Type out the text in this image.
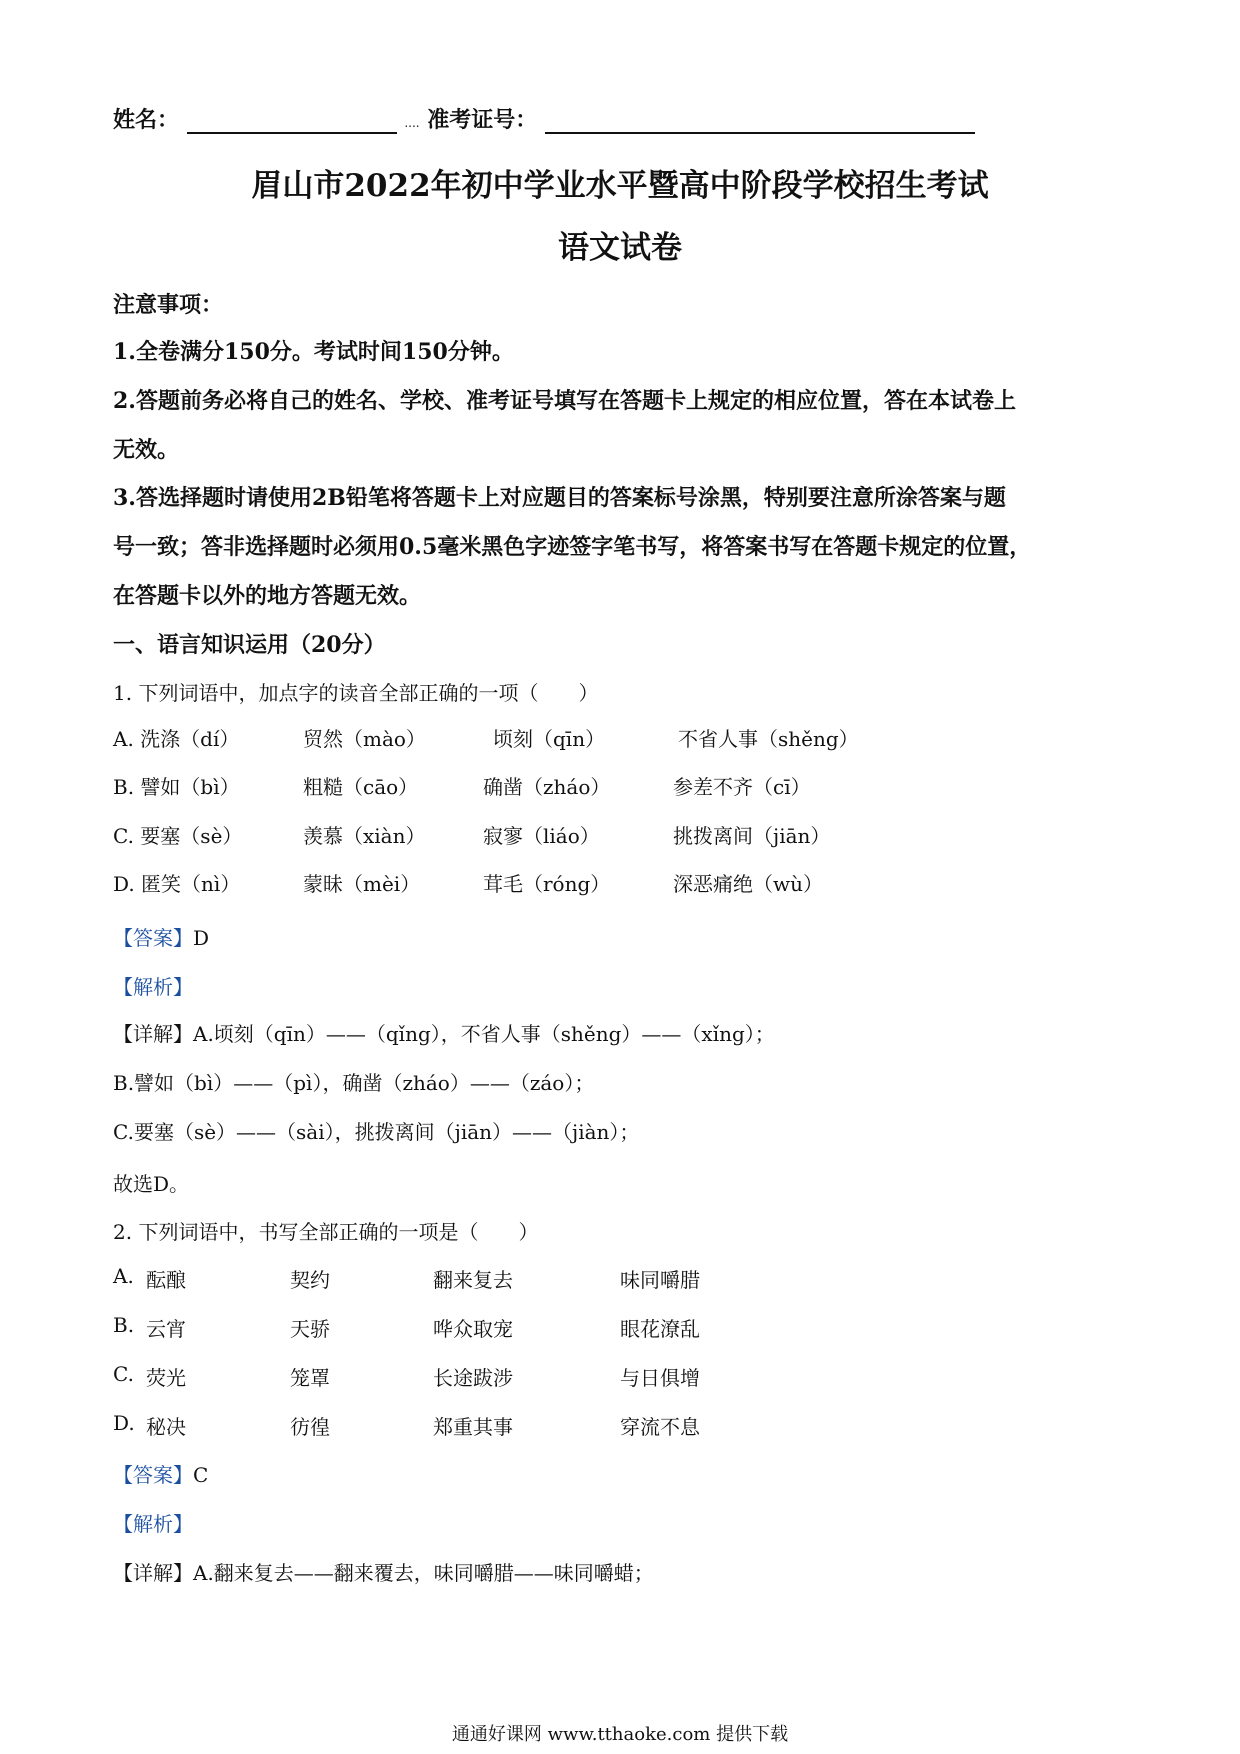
姓名：	.... 准考证号：
眉山市2022年初中学业水平暨高中阶段学校招生考试
语文试卷
注意事项：
1.全卷满分150分。考试时间150分钟。
2.答题前务必将自己的姓名、学校、准考证号填写在答题卡上规定的相应位置，答在本试卷上
无效。
3.答选择题时请使用2B铅笔将答题卡上对应题目的答案标号涂黑，特别要注意所涂答案与题
号一致；答非选择题时必须用0.5毫米黑色字迹签字笔书写，将答案书写在答题卡规定的位置，
在答题卡以外的地方答题无效。
一、语言知识运用（20分）
1. 下列词语中，加点字的读音全部正确的一项（　　）
A. 洗涤（dí）	贸然（mào）	顷刻（qīn）	不省人事（shěng）
B. 譬如（bì）	粗糙（cāo）	确凿（zháo）	参差不齐（cī）
C. 要塞（sè）	羡慕（xiàn）	寂寥（liáo）	挑拨离间（jiān）
D. 匿笑（nì）	蒙昧（mèi）	茸毛（róng）	深恶痛绝（wù）
【答案】D
【解析】
【详解】A.顷刻（qīn）——（qǐng），不省人事（shěng）——（xǐng）；
B.譬如（bì）——（pì），确凿（zháo）——（záo）；
C.要塞（sè）——（sài），挑拨离间（jiān）——（jiàn）；
故选D。
2. 下列词语中，书写全部正确的一项是（　　）
A. 酝酿	契约	翻来复去	味同嚼腊
B. 云宵	天骄	哗众取宠	眼花潦乱
C. 荧光	笼罩	长途跋涉	与日俱增
D. 秘决	彷徨	郑重其事	穿流不息
【答案】C
【解析】
【详解】A.翻来复去——翻来覆去，味同嚼腊——味同嚼蜡；
通通好课网 www.tthaoke.com 提供下载
